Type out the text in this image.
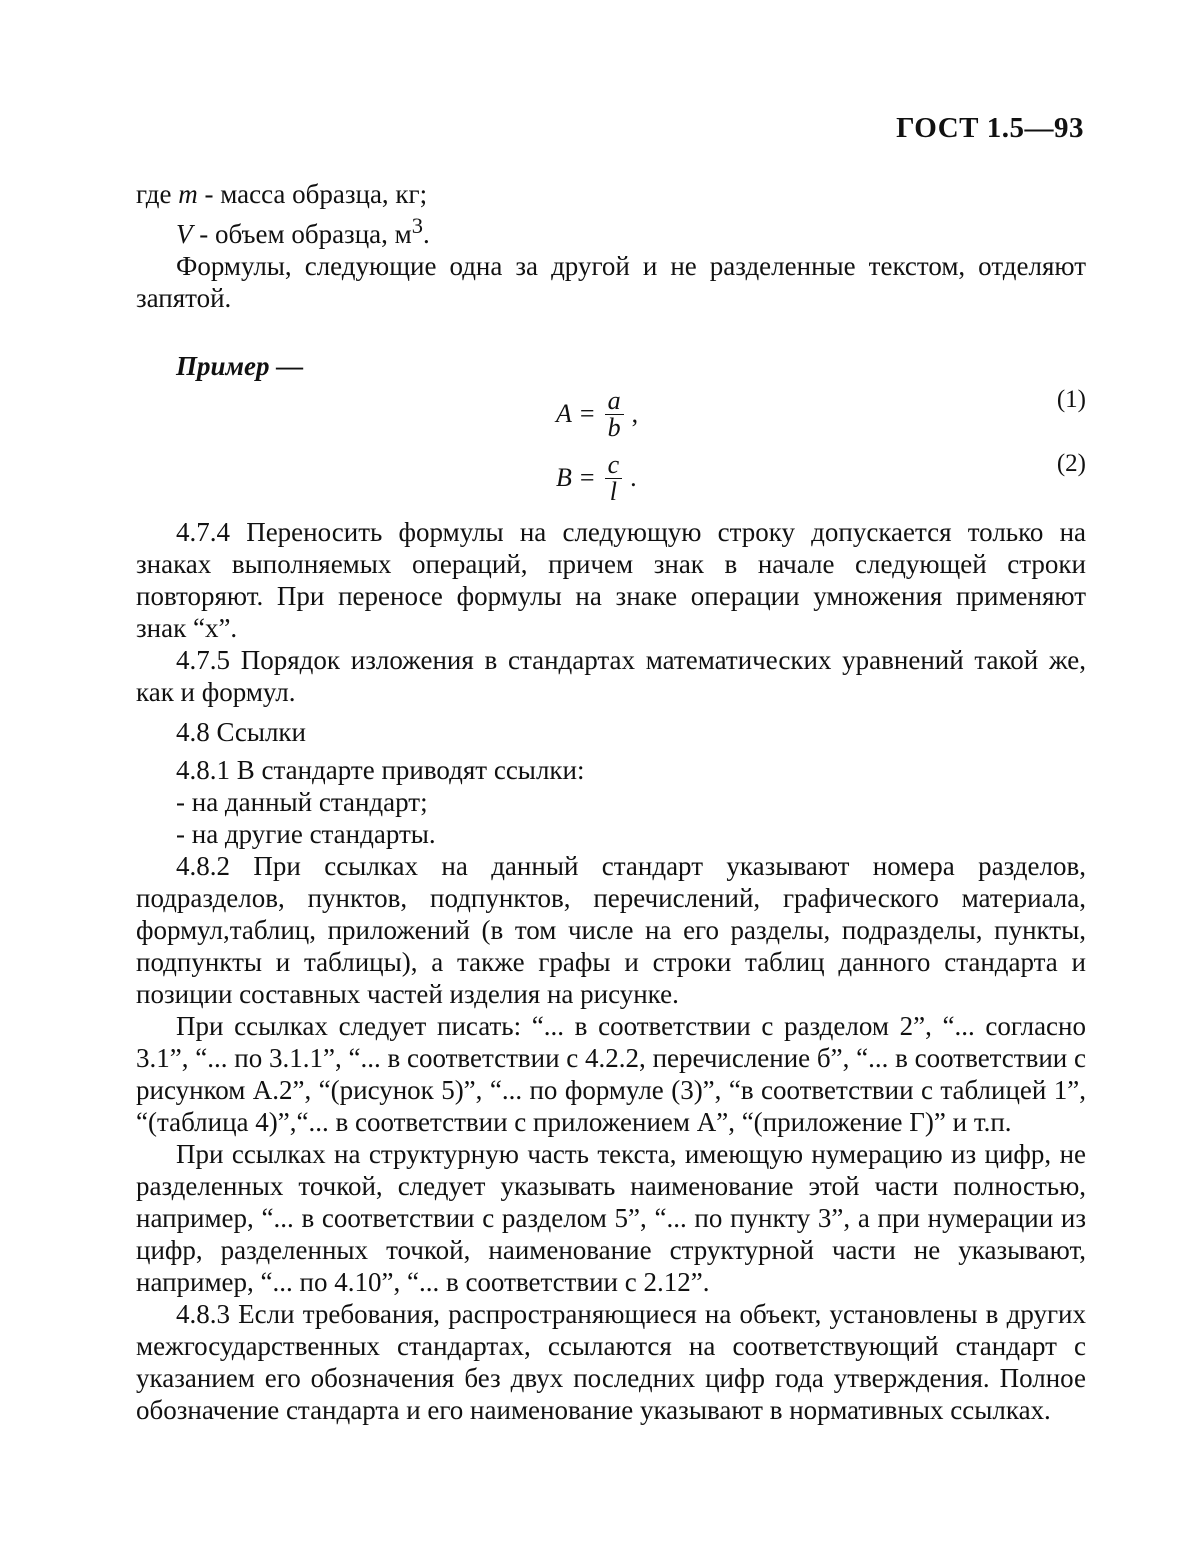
ГОСТ 1.5—93

где m - масса образца, кг;

V - объем образца, $м^3$.

Формулы, следующие одна за другой и не разделенные текстом, отделяют запятой.

Пример —

$A = \frac{a}{b}$ ,	(1)
$B = \frac{c}{l}$ .	(2)

4.7.4 Переносить формулы на следующую строку допускается только на знаках выполняемых операций, причем знак в начале следующей строки повторяют. При переносе формулы на знаке операции умножения применяют знак “х”.

4.7.5 Порядок изложения в стандартах математических уравнений такой же, как и формул.

4.8 Ссылки

4.8.1 В стандарте приводят ссылки:

- на данный стандарт;

- на другие стандарты.

4.8.2 При ссылках на данный стандарт указывают номера разделов, подразделов, пунктов, подпунктов, перечислений, графического материала, формул,таблиц, приложений (в том числе на его разделы, подразделы, пункты, подпункты и таблицы), а также графы и строки таблиц данного стандарта и позиции составных частей изделия на рисунке.

При ссылках следует писать: “... в соответствии с разделом 2”, “... согласно 3.1”, “... по 3.1.1”, “... в соответствии с 4.2.2, перечисление б”, “... в соответствии с рисунком А.2”, “(рисунок 5)”, “... по формуле (3)”, “в соответствии с таблицей 1”, “(таблица 4)”,“... в соответствии с приложением А”, “(приложение Г)” и т.п.

При ссылках на структурную часть текста, имеющую нумерацию из цифр, не разделенных точкой, следует указывать наименование этой части полностью, например, “... в соответствии с разделом 5”, “... по пункту 3”, а при нумерации из цифр, разделенных точкой, наименование структурной части не указывают, например, “... по 4.10”, “... в соответствии с 2.12”.

4.8.3 Если требования, распространяющиеся на объект, установлены в других межгосударственных стандартах, ссылаются на соответствующий стандарт с указанием его обозначения без двух последних цифр года утверждения. Полное обозначение стандарта и его наименование указывают в нормативных ссылках.
